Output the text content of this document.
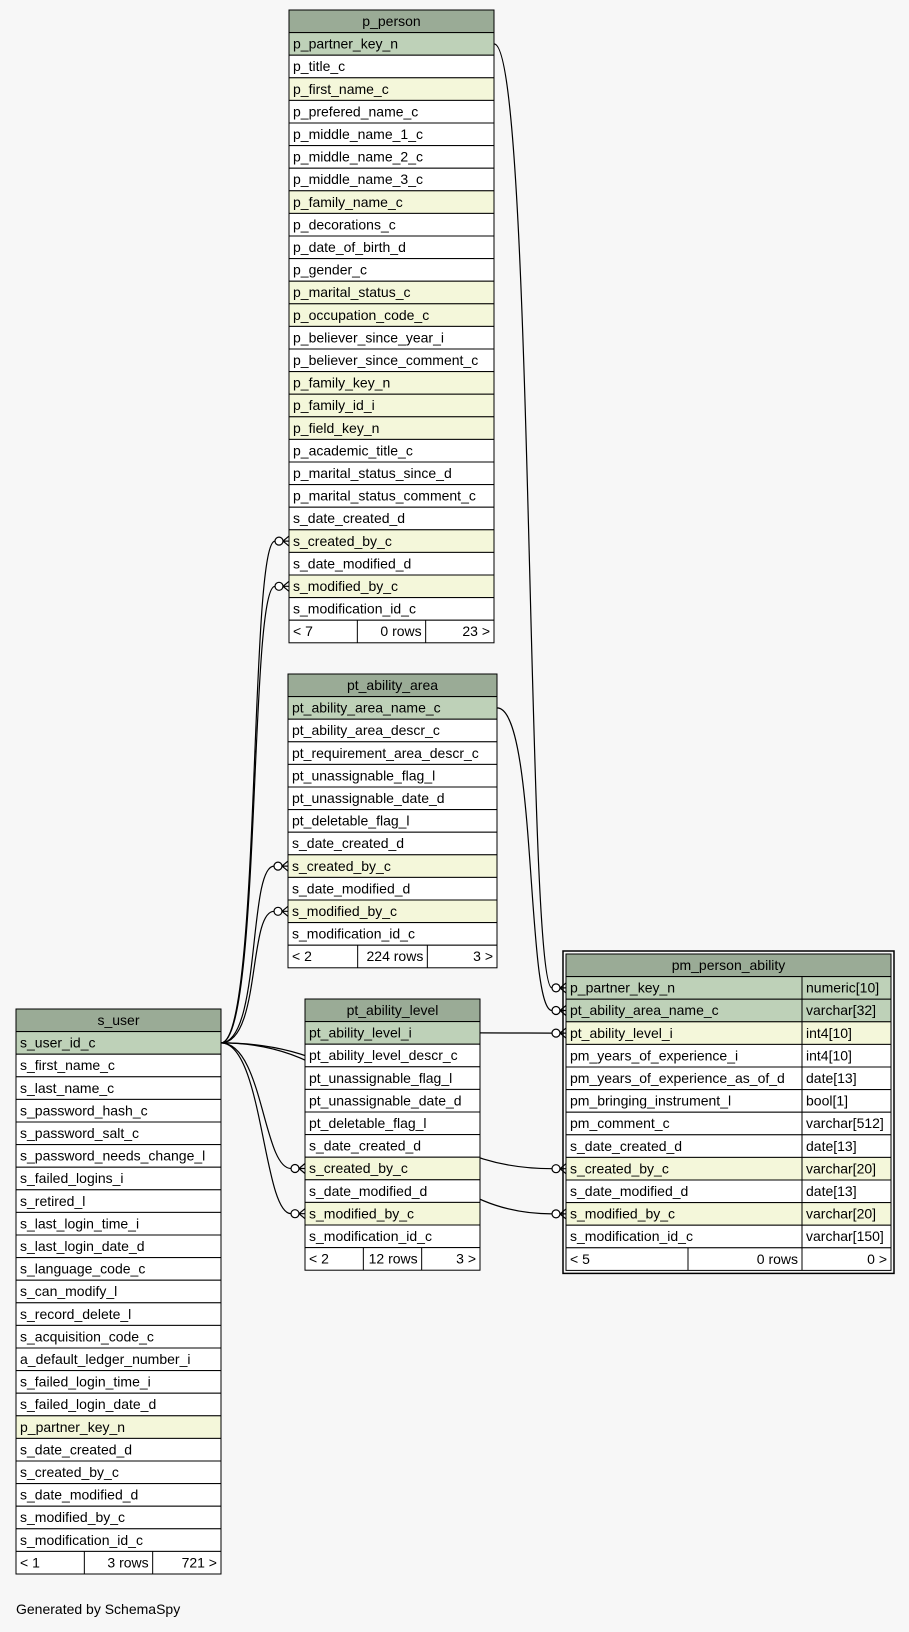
p_person
p_partner_key_n
p_title_c
p_first_name_c
p_prefered_name_c
p_middle_name_1_c
p_middle_name_2_c
p_middle_name_3_c
p_family_name_c
p_decorations_c
p_date_of_birth_d
p_gender_c
p_marital_status_c
p_occupation_code_c
p_believer_since_year_i
p_believer_since_comment_c
p_family_key_n
p_family_id_i
p_field_key_n
p_academic_title_c
p_marital_status_since_d
p_marital_status_comment_c
s_date_created_d
s_created_by_c
s_date_modified_d
s_modified_by_c
s_modification_id_c
< 7	0 rows	23 >
pt_ability_area
pt_ability_area_name_c
pt_ability_area_descr_c
pt_requirement_area_descr_c
pt_unassignable_flag_l
pt_unassignable_date_d
pt_deletable_flag_l
s_date_created_d
s_created_by_c
s_date_modified_d
s_modified_by_c
s_modification_id_c
< 2	224 rows	3 >
pt_ability_level
pt_ability_level_i
pt_ability_level_descr_c
pt_unassignable_flag_l
pt_unassignable_date_d
pt_deletable_flag_l
s_date_created_d
s_created_by_c
s_date_modified_d
s_modified_by_c
s_modification_id_c
< 2	12 rows	3 >
s_user
s_user_id_c
s_first_name_c
s_last_name_c
s_password_hash_c
s_password_salt_c
s_password_needs_change_l
s_failed_logins_i
s_retired_l
s_last_login_time_i
s_last_login_date_d
s_language_code_c
s_can_modify_l
s_record_delete_l
s_acquisition_code_c
a_default_ledger_number_i
s_failed_login_time_i
s_failed_login_date_d
p_partner_key_n
s_date_created_d
s_created_by_c
s_date_modified_d
s_modified_by_c
s_modification_id_c
< 1	3 rows 721 >
pm_person_ability
p_partner_key_n	numeric[10]
pt_ability_area_name_c	varchar[32]
pt_ability_level_i	int4[10]
pm_years_of_experience_i	int4[10]
pm_years_of_experience_as_of_d date[13]
pm_bringing_instrument_l	bool[1]
pm_comment_c	varchar[512]
s_date_created_d	date[13]
s_created_by_c	varchar[20]
s_date_modified_d	date[13]
s_modified_by_c	varchar[20]
s_modification_id_c	varchar[150]
< 5	0 rows	0 >
Generated by SchemaSpy
